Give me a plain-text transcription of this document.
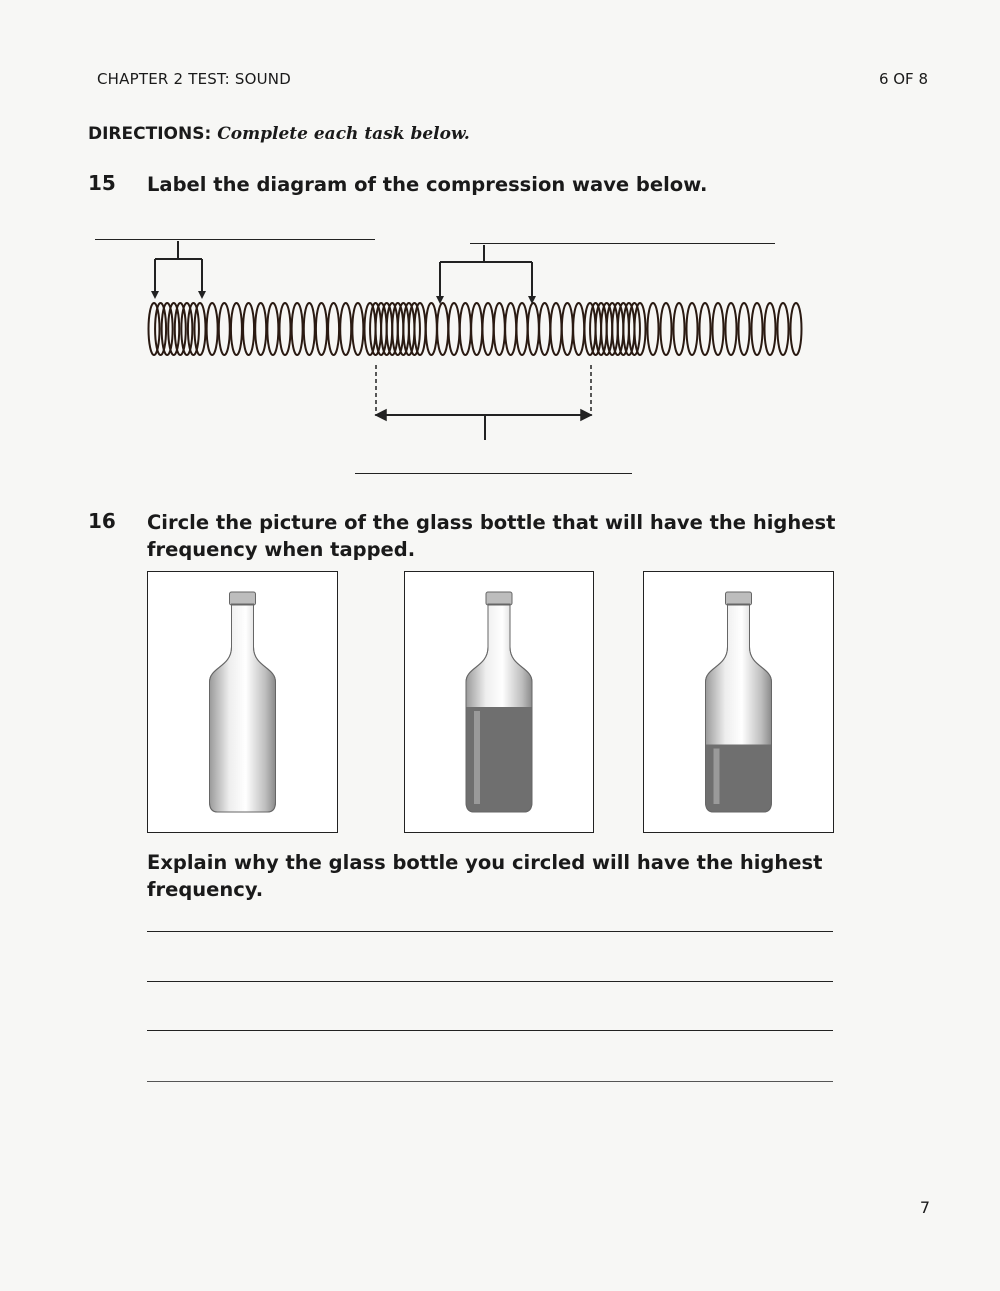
CHAPTER 2 TEST: SOUND	6 OF 8
DIRECTIONS: Complete each task below.
15 Label the diagram of the compression wave below.
16 Circle the picture of the glass bottle that will have the highest
frequency when tapped.
Explain why the glass bottle you circled will have the highest
frequency.
7
